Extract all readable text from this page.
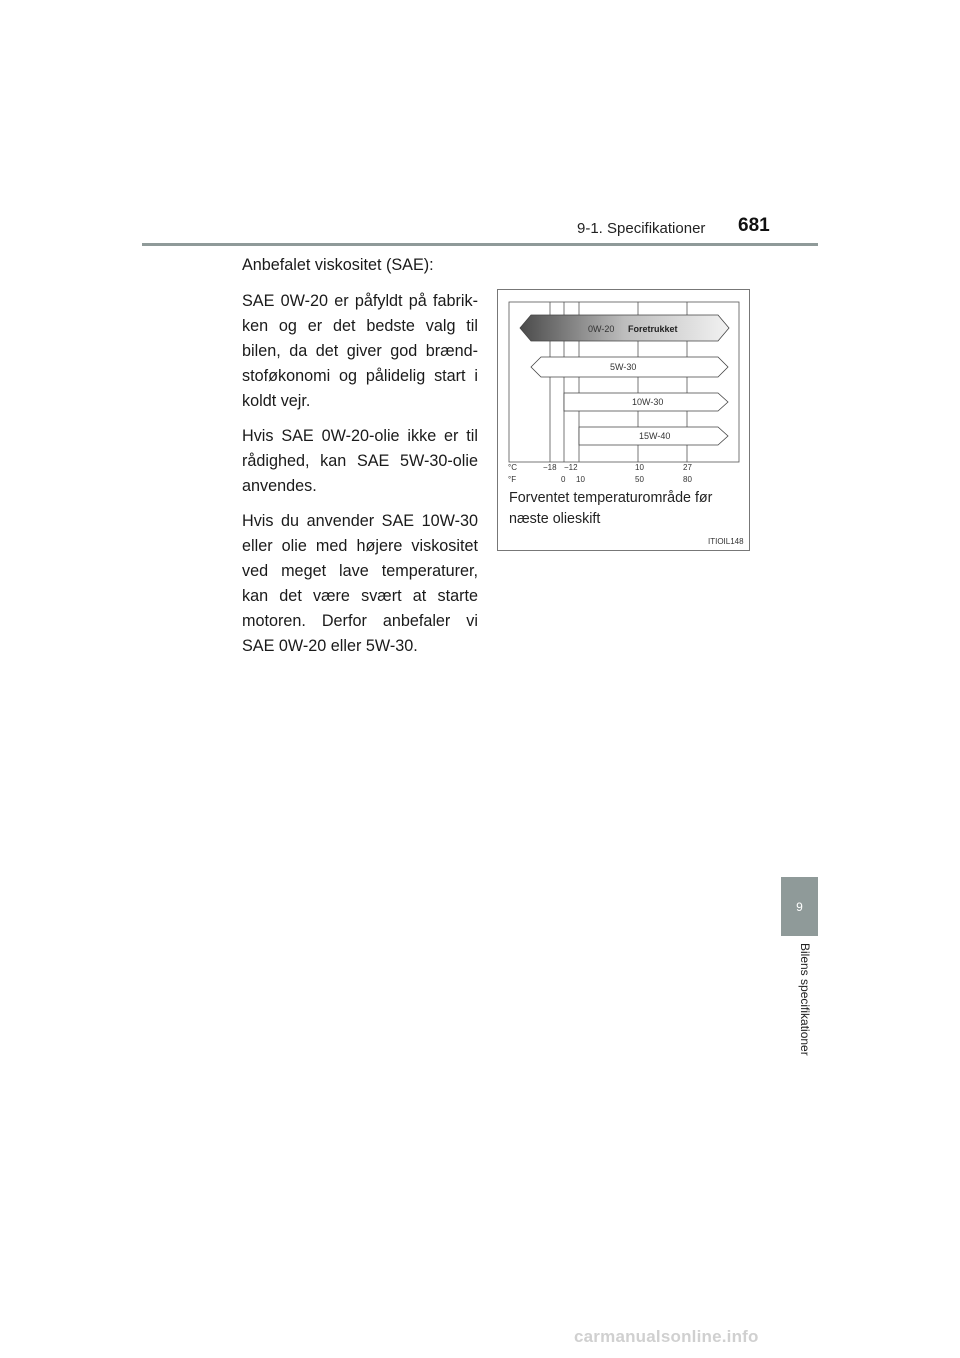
9-1. Specifikationer 681

Anbefalet viskositet (SAE):

SAE 0W-20 er påfyldt på fabrik-ken og er det bedste valg til bilen, da det giver god brænd-stoføkonomi og pålidelig start i koldt vejr.

Hvis SAE 0W-20-olie ikke er til rådighed, kan SAE 5W-30-olie anvendes.

Hvis du anvender SAE 10W-30 eller olie med højere viskositet ved meget lave temperaturer, kan det være svært at starte motoren. Derfor anbefaler vi SAE 0W-20 eller 5W-30.

0W-20 Foretrukket
5W-30
10W-30
15W-40
°C
°F
−18 −12	10	27
0 10	50	80
Forventet temperaturområde før næste olieskift
ITIOIL148
9
Bilens specifikationer
carmanualsonline.info
